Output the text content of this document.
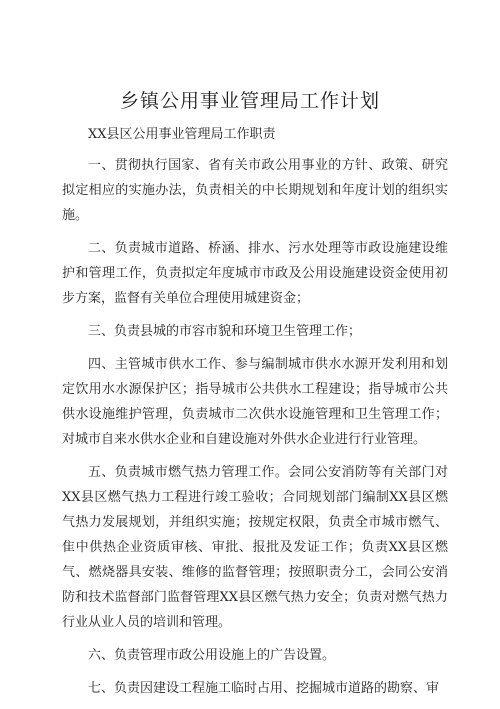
乡镇公用事业管理局工作计划

XX县区公用事业管理局工作职责

一、贯彻执行国家、省有关市政公用事业的方针、政策、研究拟定相应的实施办法，负责相关的中长期规划和年度计划的组织实施。

二、负责城市道路、桥涵、排水、污水处理等市政设施建设维护和管理工作，负责拟定年度城市市政及公用设施建设资金使用初步方案，监督有关单位合理使用城建资金；

三、负责县城的市容市貌和环境卫生管理工作；

四、主管城市供水工作、参与编制城市供水水源开发利用和划定饮用水水源保护区；指导城市公共供水工程建设；指导城市公共供水设施维护管理，负责城市二次供水设施管理和卫生管理工作；对城市自来水供水企业和自建设施对外供水企业进行行业管理。

五、负责城市燃气热力管理工作。会同公安消防等有关部门对XX县区燃气热力工程进行竣工验收；合同规划部门编制XX县区燃气热力发展规划，并组织实施；按规定权限，负责全市城市燃气、隹中供热企业资质审核、审批、报批及发证工作；负责XX县区燃气、燃烧器具安装、维修的监督管理；按照职责分工，会同公安消防和技术监督部门监督管理XX县区燃气热力安全；负责对燃气热力行业从业人员的培训和管理。

六、负责管理市政公用设施上的广告设置。

七、负责因建设工程施工临时占用、挖掘城市道路的勘察、审
